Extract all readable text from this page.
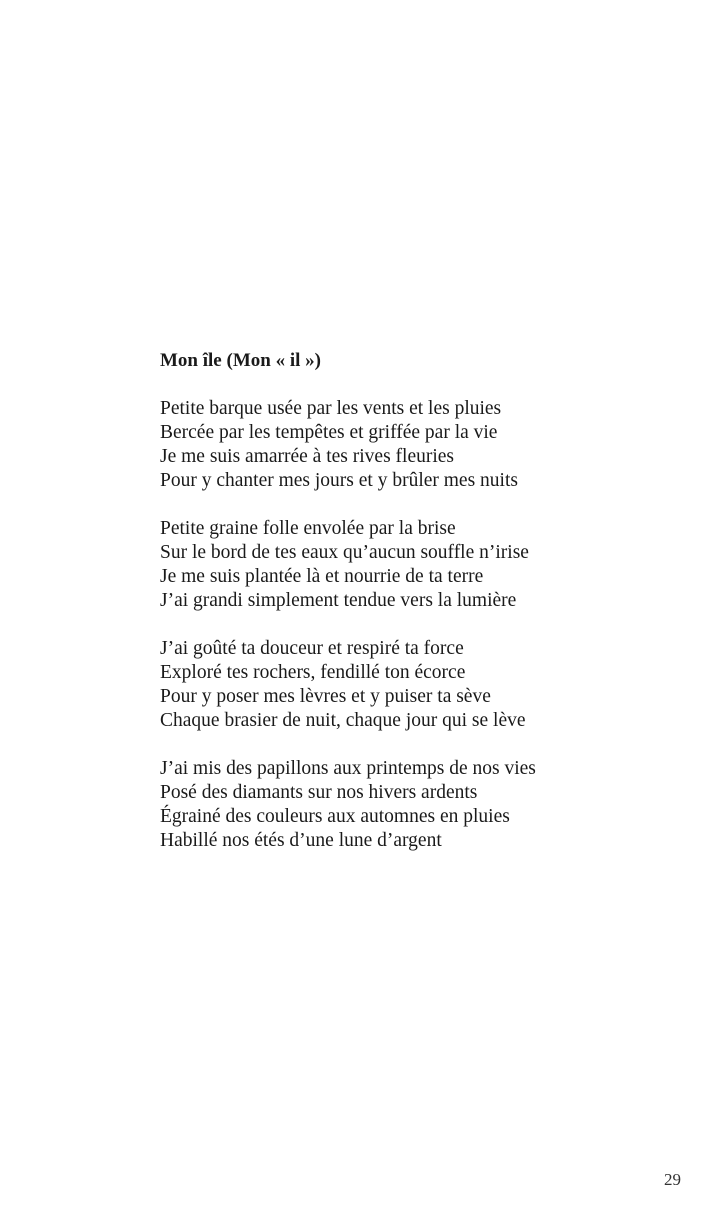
Mon île (Mon « il »)
Petite barque usée par les vents et les pluies
Bercée par les tempêtes et griffée par la vie
Je me suis amarrée à tes rives fleuries
Pour y chanter mes jours et y brûler mes nuits
Petite graine folle envolée par la brise
Sur le bord de tes eaux qu’aucun souffle n’irise
Je me suis plantée là et nourrie de ta terre
J’ai grandi simplement tendue vers la lumière
J’ai goûté ta douceur et respiré ta force
Exploré tes rochers, fendillé ton écorce
Pour y poser mes lèvres et y puiser ta sève
Chaque brasier de nuit, chaque jour qui se lève
J’ai mis des papillons aux printemps de nos vies
Posé des diamants sur nos hivers ardents
Égrainé des couleurs aux automnes en pluies
Habillé nos étés d’une lune d’argent
29
